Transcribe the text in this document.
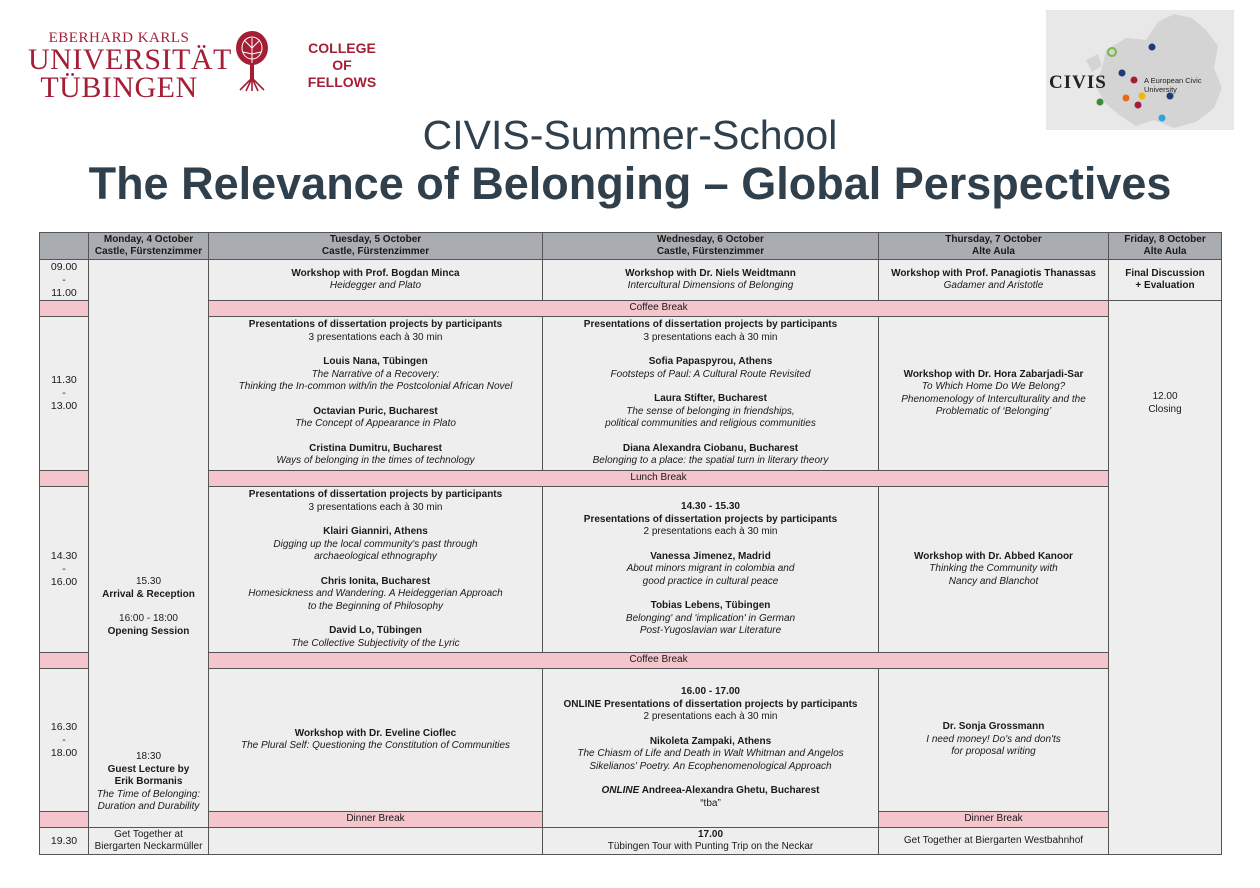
EBERHARD KARLS
UNIVERSITÄT
TÜBINGEN
COLLEGE
OF
FELLOWS	CIVIS	A European Civic University
CIVIS-Summer-School
The Relevance of Belonging – Global Perspectives
Monday, 4 October
Castle, Fürstenzimmer
Tuesday, 5 October
Castle, Fürstenzimmer
Wednesday, 6 October
Castle, Fürstenzimmer
Thursday, 7 October
Alte Aula
Friday, 8 October
Alte Aula
09.00
-
11.00
11.30
-
13.00
14.30
-
16.00
16.30
-
18.00
19.30
15.30
Arrival & Reception
16:00 - 18:00
Opening Session
18:30
Guest Lecture by
Erik Bormanis
The Time of Belonging:
Duration and Durability
Get Together at
Biergarten Neckarmüller
Coffee Break
Lunch Break
Coffee Break
Workshop with Prof. Bogdan Minca
Heidegger and Plato
Presentations of dissertation projects by participants
3 presentations each à 30 min
Louis Nana, Tübingen
The Narrative of a Recovery:
Thinking the In-common with/in the Postcolonial African Novel
Octavian Puric, Bucharest
The Concept of Appearance in Plato
Cristina Dumitru, Bucharest
Ways of belonging in the times of technology
Presentations of dissertation projects by participants
3 presentations each à 30 min
Klairi Gianniri, Athens
Digging up the local community's past through
archaeological ethnography
Chris Ionita, Bucharest
Homesickness and Wandering. A Heideggerian Approach
to the Beginning of Philosophy
David Lo, Tübingen
The Collective Subjectivity of the Lyric
Workshop with Dr. Eveline Cioflec
The Plural Self: Questioning the Constitution of Communities
Dinner Break
Workshop with Dr. Niels Weidtmann
Intercultural Dimensions of Belonging
Presentations of dissertation projects by participants
3 presentations each à 30 min
Sofia Papaspyrou, Athens
Footsteps of Paul: A Cultural Route Revisited
Laura Stifter, Bucharest
The sense of belonging in friendships,
political communities and religious communities
Diana Alexandra Ciobanu, Bucharest
Belonging to a place: the spatial turn in literary theory
14.30 - 15.30
Presentations of dissertation projects by participants
2 presentations each à 30 min
Vanessa Jimenez, Madrid
About minors migrant in colombia and
good practice in cultural peace
Tobias Lebens, Tübingen
Belonging' and 'implication' in German
Post-Yugoslavian war Literature
16.00 - 17.00
ONLINE Presentations of dissertation projects by participants
2 presentations each à 30 min
Nikoleta Zampaki, Athens
The Chiasm of Life and Death in Walt Whitman and Angelos
Sikelianos' Poetry. An Ecophenomenological Approach
ONLINE Andreea-Alexandra Ghetu, Bucharest
“tba”
17.00
Tübingen Tour with Punting Trip on the Neckar
Workshop with Prof. Panagiotis Thanassas
Gadamer and Aristotle
Workshop with Dr. Hora Zabarjadi-Sar
To Which Home Do We Belong?
Phenomenology of Interculturality and the
Problematic of ‘Belonging’
Workshop with Dr. Abbed Kanoor
Thinking the Community with
Nancy and Blanchot
Dr. Sonja Grossmann
I need money! Do's and don'ts
for proposal writing
Dinner Break
Get Together at Biergarten Westbahnhof
Final Discussion
+ Evaluation
12.00
Closing
